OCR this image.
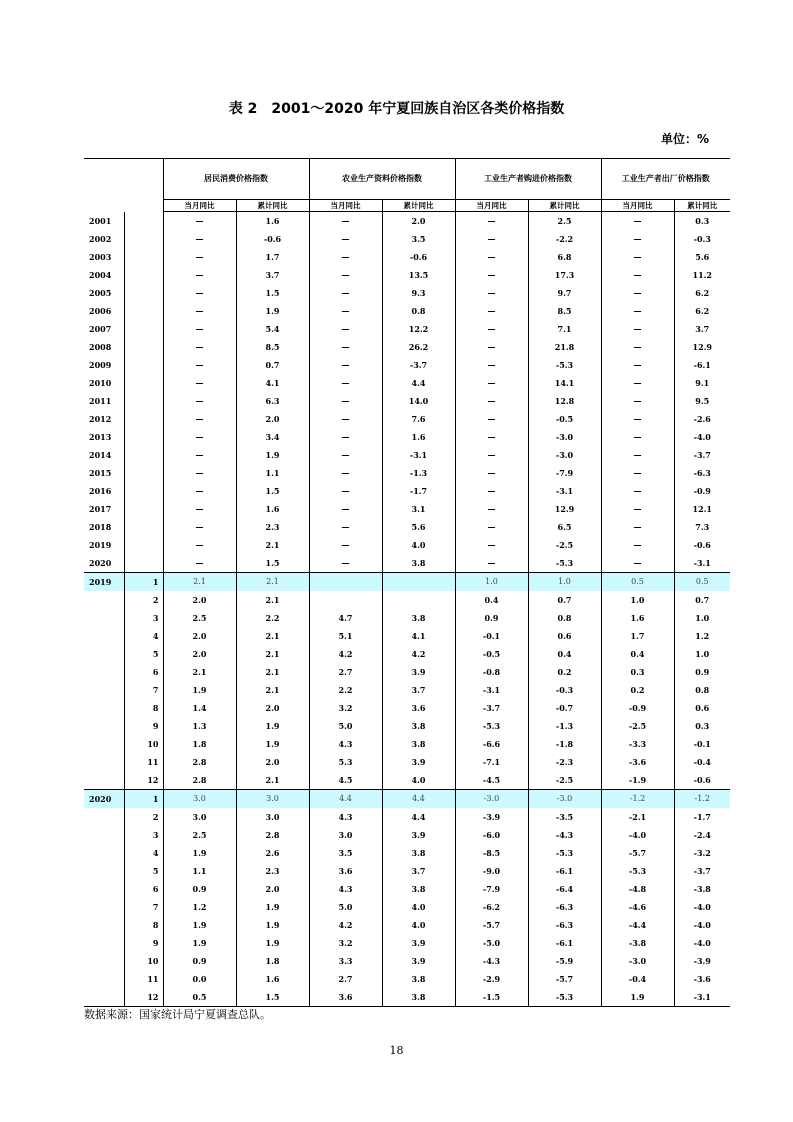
表 2　2001～2020 年宁夏回族自治区各类价格指数
单位：%
		居民消费价格指数		农业生产资料价格指数		工业生产者购进价格指数		工业生产者出厂价格指数	
		当月同比	累计同比	当月同比	累计同比	当月同比	累计同比	当月同比	累计同比
2001		—	1.6	—	2.0	—	2.5	—	0.3
2002		—	-0.6	—	3.5	—	-2.2	—	-0.3
2003		—	1.7	—	-0.6	—	6.8	—	5.6
2004		—	3.7	—	13.5	—	17.3	—	11.2
2005		—	1.5	—	9.3	—	9.7	—	6.2
2006		—	1.9	—	0.8	—	8.5	—	6.2
2007		—	5.4	—	12.2	—	7.1	—	3.7
2008		—	8.5	—	26.2	—	21.8	—	12.9
2009		—	0.7	—	-3.7	—	-5.3	—	-6.1
2010		—	4.1	—	4.4	—	14.1	—	9.1
2011		—	6.3	—	14.0	—	12.8	—	9.5
2012		—	2.0	—	7.6	—	-0.5	—	-2.6
2013		—	3.4	—	1.6	—	-3.0	—	-4.0
2014		—	1.9	—	-3.1	—	-3.0	—	-3.7
2015		—	1.1	—	-1.3	—	-7.9	—	-6.3
2016		—	1.5	—	-1.7	—	-3.1	—	-0.9
2017		—	1.6	—	3.1	—	12.9	—	12.1
2018		—	2.3	—	5.6	—	6.5	—	7.3
2019		—	2.1	—	4.0	—	-2.5	—	-0.6
2020		—	1.5	—	3.8	—	-5.3	—	-3.1
2019	1	2.1	2.1			1.0	1.0	0.5	0.5
	2	2.0	2.1			0.4	0.7	1.0	0.7
	3	2.5	2.2	4.7	3.8	0.9	0.8	1.6	1.0
	4	2.0	2.1	5.1	4.1	-0.1	0.6	1.7	1.2
	5	2.0	2.1	4.2	4.2	-0.5	0.4	0.4	1.0
	6	2.1	2.1	2.7	3.9	-0.8	0.2	0.3	0.9
	7	1.9	2.1	2.2	3.7	-3.1	-0.3	0.2	0.8
	8	1.4	2.0	3.2	3.6	-3.7	-0.7	-0.9	0.6
	9	1.3	1.9	5.0	3.8	-5.3	-1.3	-2.5	0.3
	10	1.8	1.9	4.3	3.8	-6.6	-1.8	-3.3	-0.1
	11	2.8	2.0	5.3	3.9	-7.1	-2.3	-3.6	-0.4
	12	2.8	2.1	4.5	4.0	-4.5	-2.5	-1.9	-0.6
2020	1	3.0	3.0	4.4	4.4	-3.0	-3.0	-1.2	-1.2
	2	3.0	3.0	4.3	4.4	-3.9	-3.5	-2.1	-1.7
	3	2.5	2.8	3.0	3.9	-6.0	-4.3	-4.0	-2.4
	4	1.9	2.6	3.5	3.8	-8.5	-5.3	-5.7	-3.2
	5	1.1	2.3	3.6	3.7	-9.0	-6.1	-5.3	-3.7
	6	0.9	2.0	4.3	3.8	-7.9	-6.4	-4.8	-3.8
	7	1.2	1.9	5.0	4.0	-6.2	-6.3	-4.6	-4.0
	8	1.9	1.9	4.2	4.0	-5.7	-6.3	-4.4	-4.0
	9	1.9	1.9	3.2	3.9	-5.0	-6.1	-3.8	-4.0
	10	0.9	1.8	3.3	3.9	-4.3	-5.9	-3.0	-3.9
	11	0.0	1.6	2.7	3.8	-2.9	-5.7	-0.4	-3.6
	12	0.5	1.5	3.6	3.8	-1.5	-5.3	1.9	-3.1
数据来源：国家统计局宁夏调查总队。
18
